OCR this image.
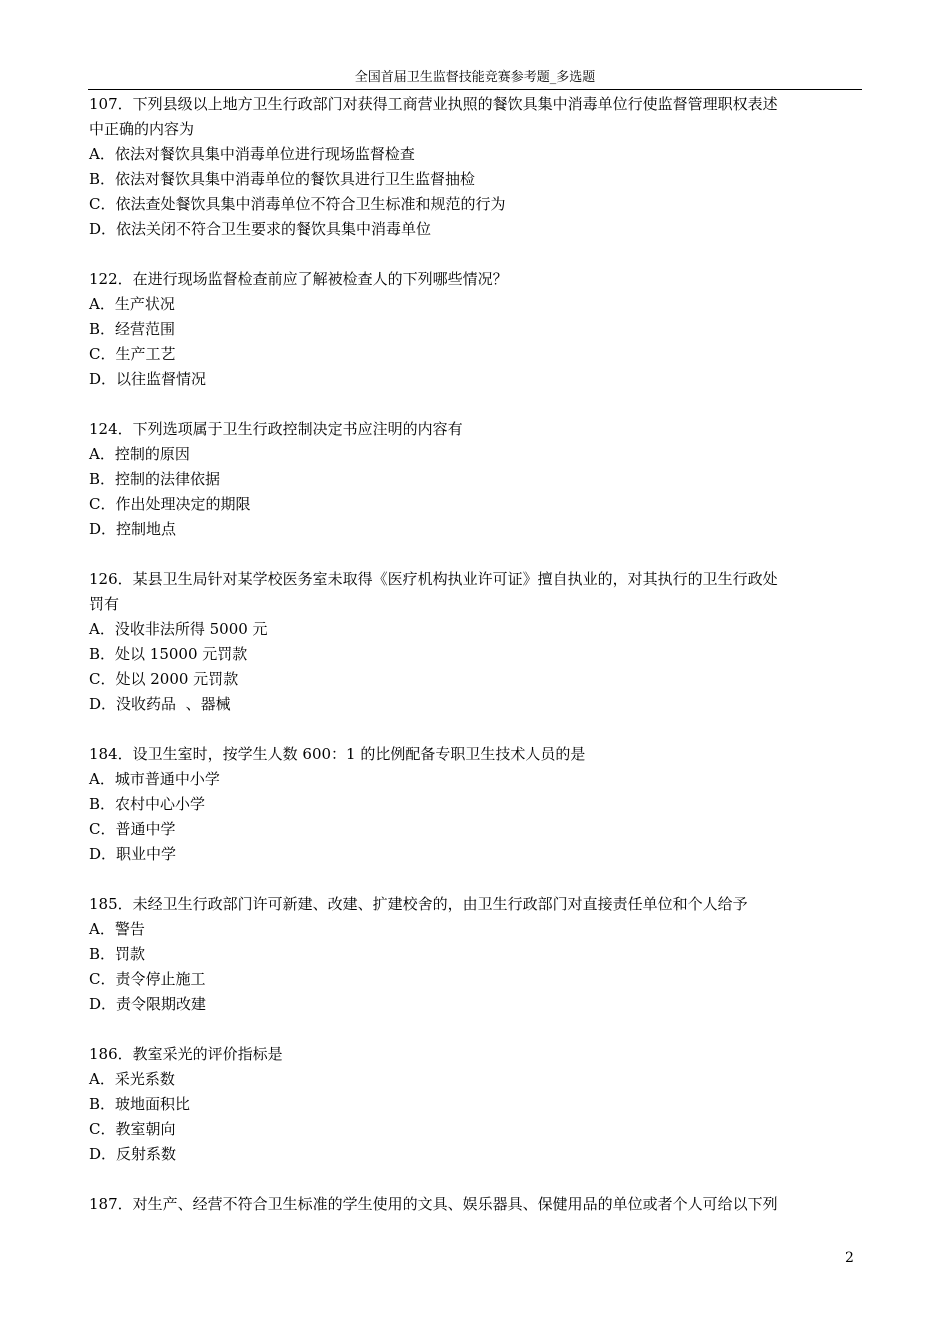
全国首届卫生监督技能竞赛参考题_多选题
107．下列县级以上地方卫生行政部门对获得工商营业执照的餐饮具集中消毒单位行使监督管理职权表述
中正确的内容为
A．依法对餐饮具集中消毒单位进行现场监督检查
B．依法对餐饮具集中消毒单位的餐饮具进行卫生监督抽检
C．依法查处餐饮具集中消毒单位不符合卫生标准和规范的行为
D．依法关闭不符合卫生要求的餐饮具集中消毒单位
122．在进行现场监督检查前应了解被检查人的下列哪些情况？
A．生产状况
B．经营范围
C．生产工艺
D．以往监督情况
124．下列选项属于卫生行政控制决定书应注明的内容有
A．控制的原因
B．控制的法律依据
C．作出处理决定的期限
D．控制地点
126．某县卫生局针对某学校医务室未取得《医疗机构执业许可证》擅自执业的，对其执行的卫生行政处
罚有
A．没收非法所得 5000 元
B．处以 15000 元罚款
C．处以 2000 元罚款
D．没收药品  、器械
184．设卫生室时，按学生人数 600：1 的比例配备专职卫生技术人员的是
A．城市普通中小学
B．农村中心小学
C．普通中学
D．职业中学
185．未经卫生行政部门许可新建、改建、扩建校舍的，由卫生行政部门对直接责任单位和个人给予
A．警告
B．罚款
C．责令停止施工
D．责令限期改建
186．教室采光的评价指标是
A．采光系数
B．玻地面积比
C．教室朝向
D．反射系数
187．对生产、经营不符合卫生标准的学生使用的文具、娱乐器具、保健用品的单位或者个人可给以下列
2
